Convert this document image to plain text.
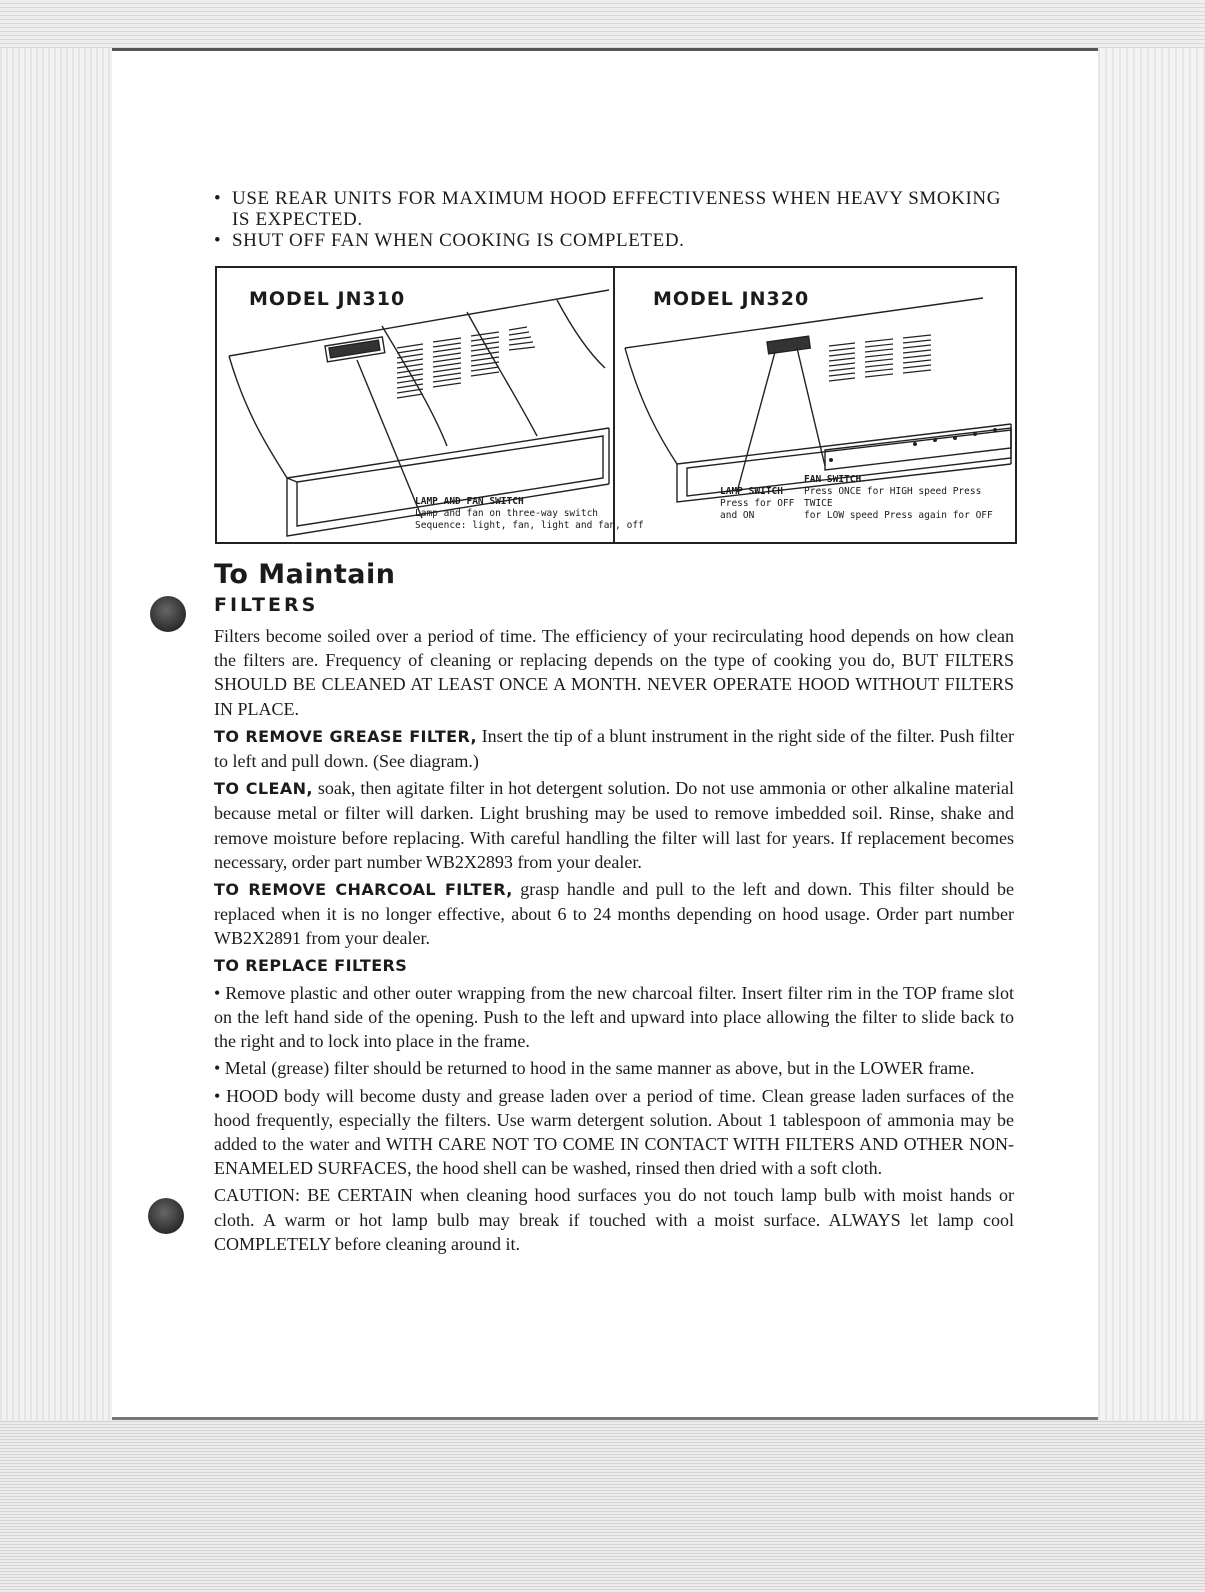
• USE REAR UNITS FOR MAXIMUM HOOD EFFECTIVENESS WHEN HEAVY SMOKING IS EXPECTED.
• SHUT OFF FAN WHEN COOKING IS COMPLETED.
MODEL JN310
LAMP AND FAN SWITCH
Lamp and fan on three-way switch
Sequence: light, fan, light and fan, off
MODEL JN320
LAMP SWITCH
Press for OFF
and ON
FAN SWITCH
Press ONCE for HIGH speed Press TWICE
for LOW speed Press again for OFF
To Maintain
FILTERS

Filters become soiled over a period of time. The efficiency of your recirculating hood depends on how clean the filters are. Frequency of cleaning or replacing depends on the type of cooking you do, BUT FILTERS SHOULD BE CLEANED AT LEAST ONCE A MONTH. NEVER OPERATE HOOD WITHOUT FILTERS IN PLACE.

TO REMOVE GREASE FILTER, Insert the tip of a blunt instrument in the right side of the filter. Push filter to left and pull down. (See diagram.)

TO CLEAN, soak, then agitate filter in hot detergent solution. Do not use ammonia or other alkaline material because metal or filter will darken. Light brushing may be used to remove imbedded soil. Rinse, shake and remove moisture before replacing. With careful handling the filter will last for years. If replacement becomes necessary, order part number WB2X2893 from your dealer.

TO REMOVE CHARCOAL FILTER, grasp handle and pull to the left and down. This filter should be replaced when it is no longer effective, about 6 to 24 months depending on hood usage. Order part number WB2X2891 from your dealer.

TO REPLACE FILTERS

• Remove plastic and other outer wrapping from the new charcoal filter. Insert filter rim in the TOP frame slot on the left hand side of the opening. Push to the left and upward into place allowing the filter to slide back to the right and to lock into place in the frame.

• Metal (grease) filter should be returned to hood in the same manner as above, but in the LOWER frame.

• HOOD body will become dusty and grease laden over a period of time. Clean grease laden surfaces of the hood frequently, especially the filters. Use warm detergent solution. About 1 tablespoon of ammonia may be added to the water and WITH CARE NOT TO COME IN CONTACT WITH FILTERS AND OTHER NON-ENAMELED SURFACES, the hood shell can be washed, rinsed then dried with a soft cloth.

CAUTION: BE CERTAIN when cleaning hood surfaces you do not touch lamp bulb with moist hands or cloth. A warm or hot lamp bulb may break if touched with a moist surface. ALWAYS let lamp cool COMPLETELY before cleaning around it.
